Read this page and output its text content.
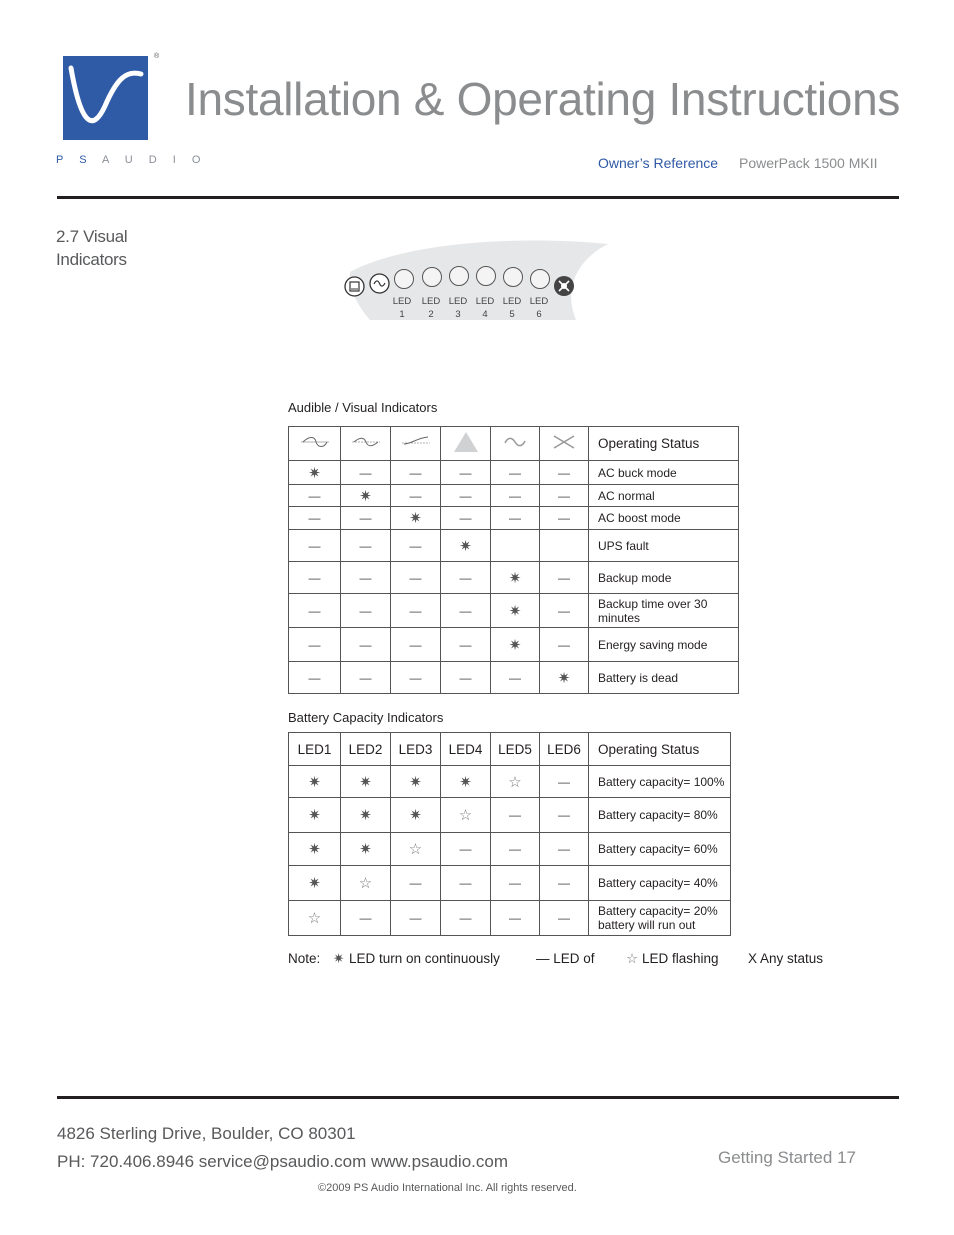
®
P S A U D I O
Installation & Operating Instructions
Owner’s Reference PowerPack 1500 MKII
2.7 Visual Indicators
LED
1
LED
2
LED
3
LED
4
LED
5
LED
6
Audible / Visual Indicators
						Operating Status
✷	—	—	—	—	—	AC buck mode
—	✷	—	—	—	—	AC normal
—	—	✷	—	—	—	AC boost mode
—	—	—	✷			UPS fault
—	—	—	—	✷	—	Backup mode
—	—	—	—	✷	—	Backup time over 30 minutes
—	—	—	—	✷	—	Energy saving mode
—	—	—	—	—	✷	Battery is dead
Battery Capacity Indicators
LED1	LED2	LED3	LED4	LED5	LED6	Operating Status
✷	✷	✷	✷	☆	—	Battery capacity= 100%
✷	✷	✷	☆	—	—	Battery capacity= 80%
✷	✷	☆	—	—	—	Battery capacity= 60%
✷	☆	—	—	—	—	Battery capacity= 40%
☆	—	—	—	—	—	Battery capacity= 20% battery will run out
Note: ✷ LED turn on continuously	— LED of ☆ LED flashing X Any status
4826 Sterling Drive, Boulder, CO 80301
PH: 720.406.8946 service@psaudio.com www.psaudio.com	Getting Started 17
©2009 PS Audio International Inc. All rights reserved.
